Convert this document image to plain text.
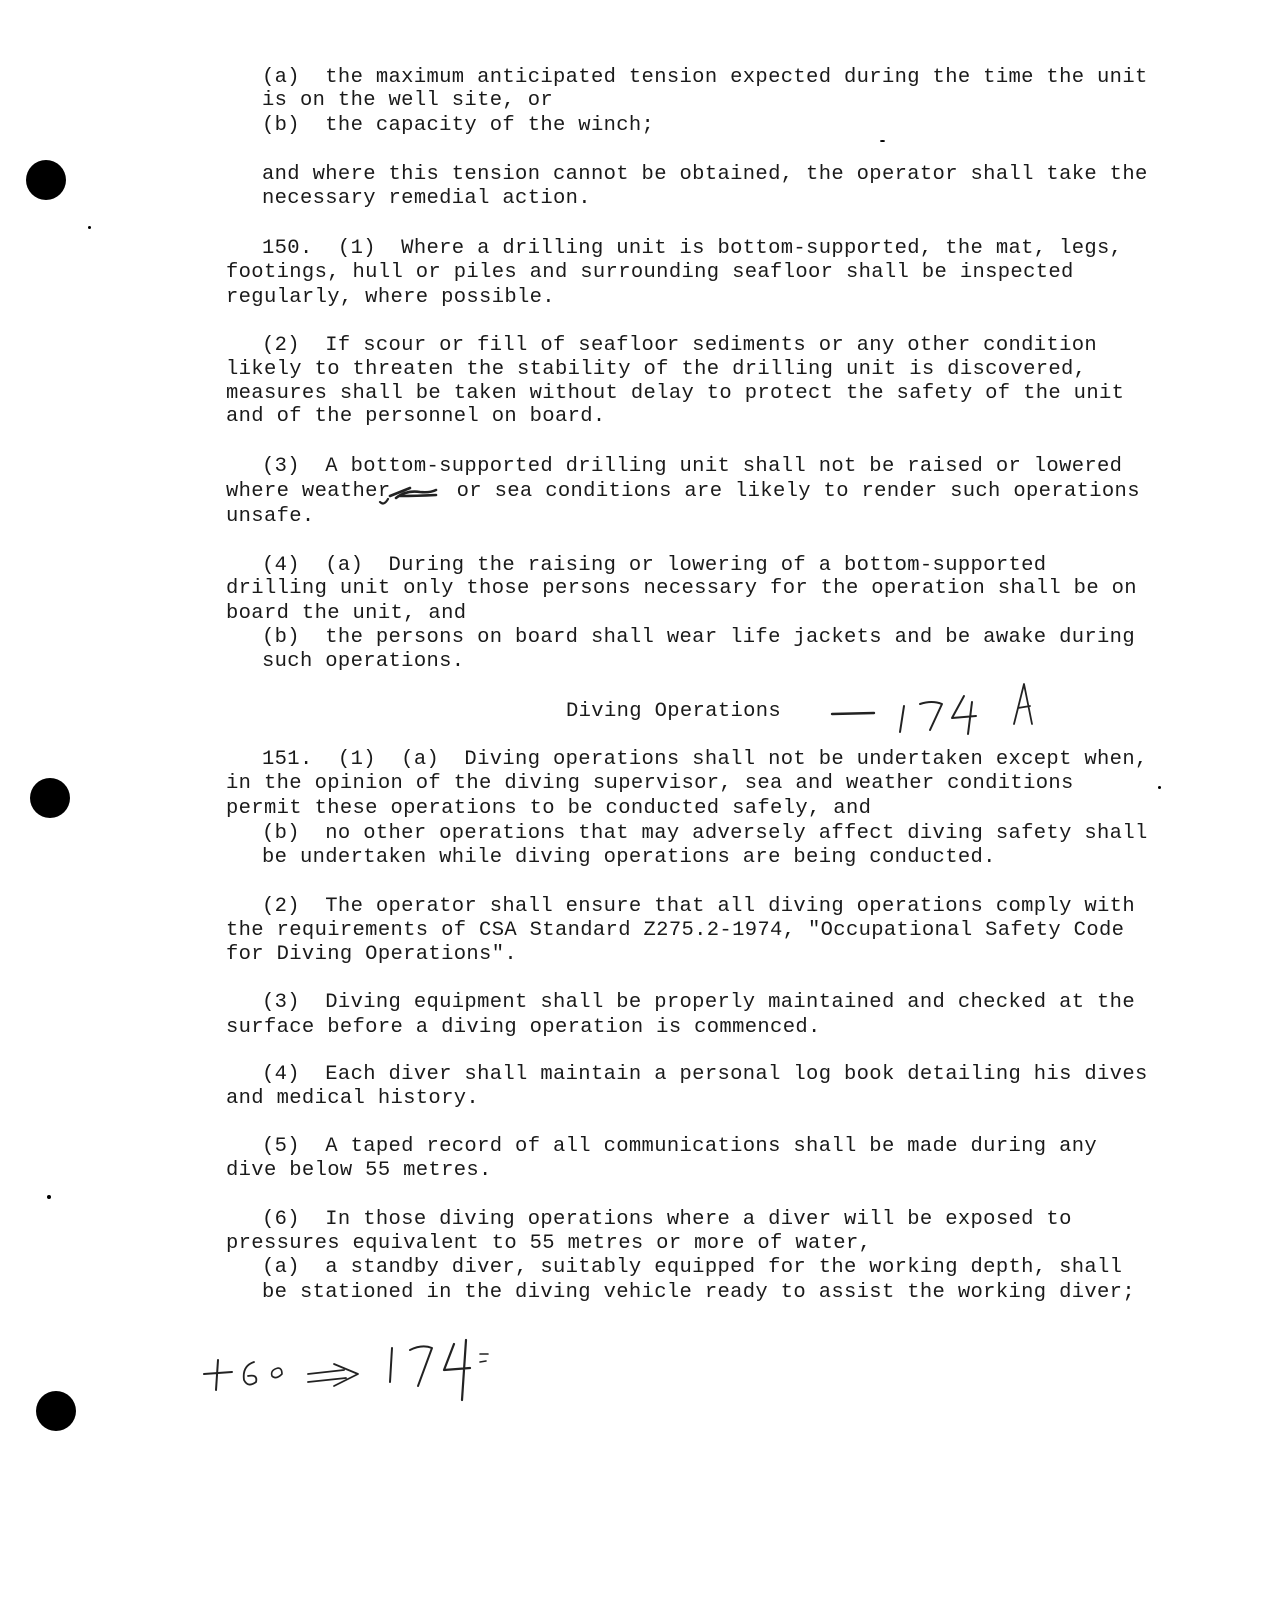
(a)  the maximum anticipated tension expected during the time the unit
is on the well site, or
(b)  the capacity of the winch;
and where this tension cannot be obtained, the operator shall take the
necessary remedial action.
150.  (1)  Where a drilling unit is bottom-supported, the mat, legs,
footings, hull or piles and surrounding seafloor shall be inspected
regularly, where possible.
(2)  If scour or fill of seafloor sediments or any other condition
likely to threaten the stability of the drilling unit is discovered,
measures shall be taken without delay to protect the safety of the unit
and of the personnel on board.
(3)  A bottom-supported drilling unit shall not be raised or lowered
where weather	or sea conditions are likely to render such operations
unsafe.
(4)  (a)  During the raising or lowering of a bottom-supported
drilling unit only those persons necessary for the operation shall be on
board the unit, and
(b)  the persons on board shall wear life jackets and be awake during
such operations.
Diving Operations
151.  (1)  (a)  Diving operations shall not be undertaken except when,
in the opinion of the diving supervisor, sea and weather conditions
permit these operations to be conducted safely, and
(b)  no other operations that may adversely affect diving safety shall
be undertaken while diving operations are being conducted.
(2)  The operator shall ensure that all diving operations comply with
the requirements of CSA Standard Z275.2-1974, "Occupational Safety Code
for Diving Operations".
(3)  Diving equipment shall be properly maintained and checked at the
surface before a diving operation is commenced.
(4)  Each diver shall maintain a personal log book detailing his dives
and medical history.
(5)  A taped record of all communications shall be made during any
dive below 55 metres.
(6)  In those diving operations where a diver will be exposed to
pressures equivalent to 55 metres or more of water,
(a)  a standby diver, suitably equipped for the working depth, shall
be stationed in the diving vehicle ready to assist the working diver;
